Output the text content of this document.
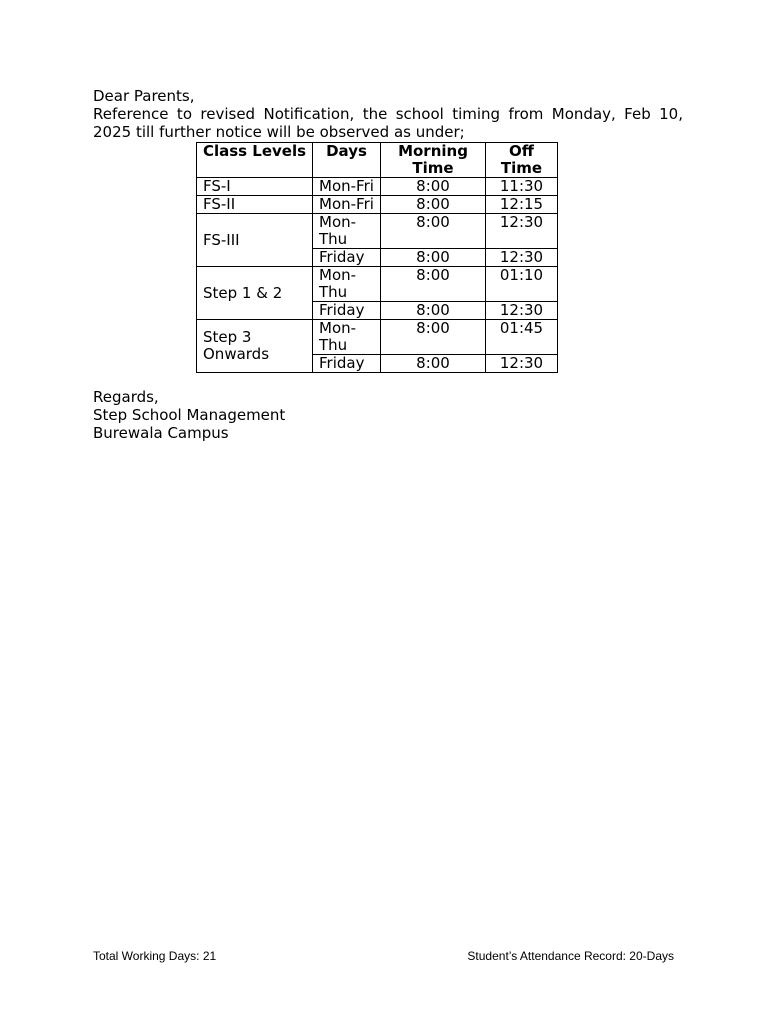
Dear Parents,

Reference to revised Notification, the school timing from Monday, Feb 10, 2025 till further notice will be observed as under;

Class Levels	Days	Morning Time	Off Time
FS-I	Mon-Fri	8:00	11:30
FS-II	Mon-Fri	8:00	12:15
FS-III	Mon-Thu	8:00	12:30
	Friday	8:00	12:30
Step 1 & 2	Mon-Thu	8:00	01:10
	Friday	8:00	12:30
Step 3 Onwards	Mon-Thu	8:00	01:45
	Friday	8:00	12:30

Regards,

Step School Management

Burewala Campus

Total Working Days: 21	Student’s Attendance Record: 20-Days
